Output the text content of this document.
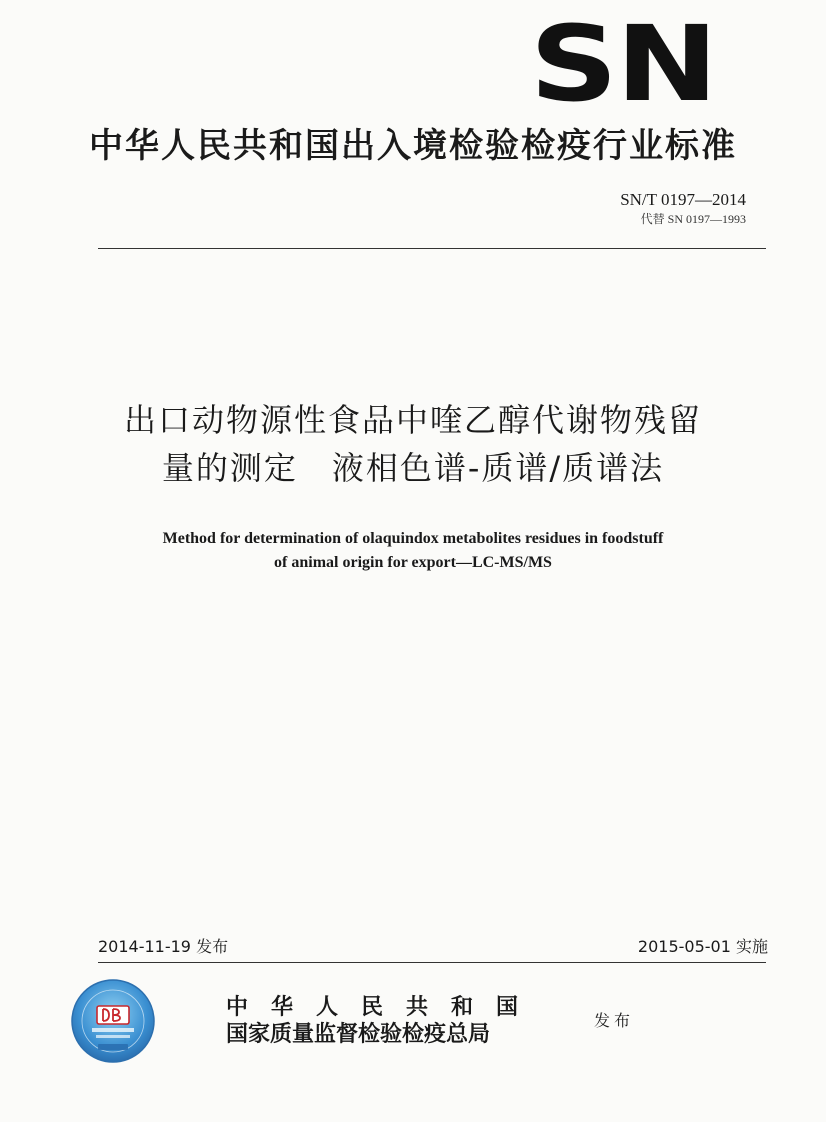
SN
中华人民共和国出入境检验检疫行业标准
SN/T 0197—2014
代替 SN 0197—1993
出口动物源性食品中喹乙醇代谢物残留
量的测定　液相色谱-质谱/质谱法
Method for determination of olaquindox metabolites residues in foodstuff
of animal origin for export—LC-MS/MS
2014-11-19 发布	2015-05-01 实施
中华人民共和国
国家质量监督检验检疫总局
发布
